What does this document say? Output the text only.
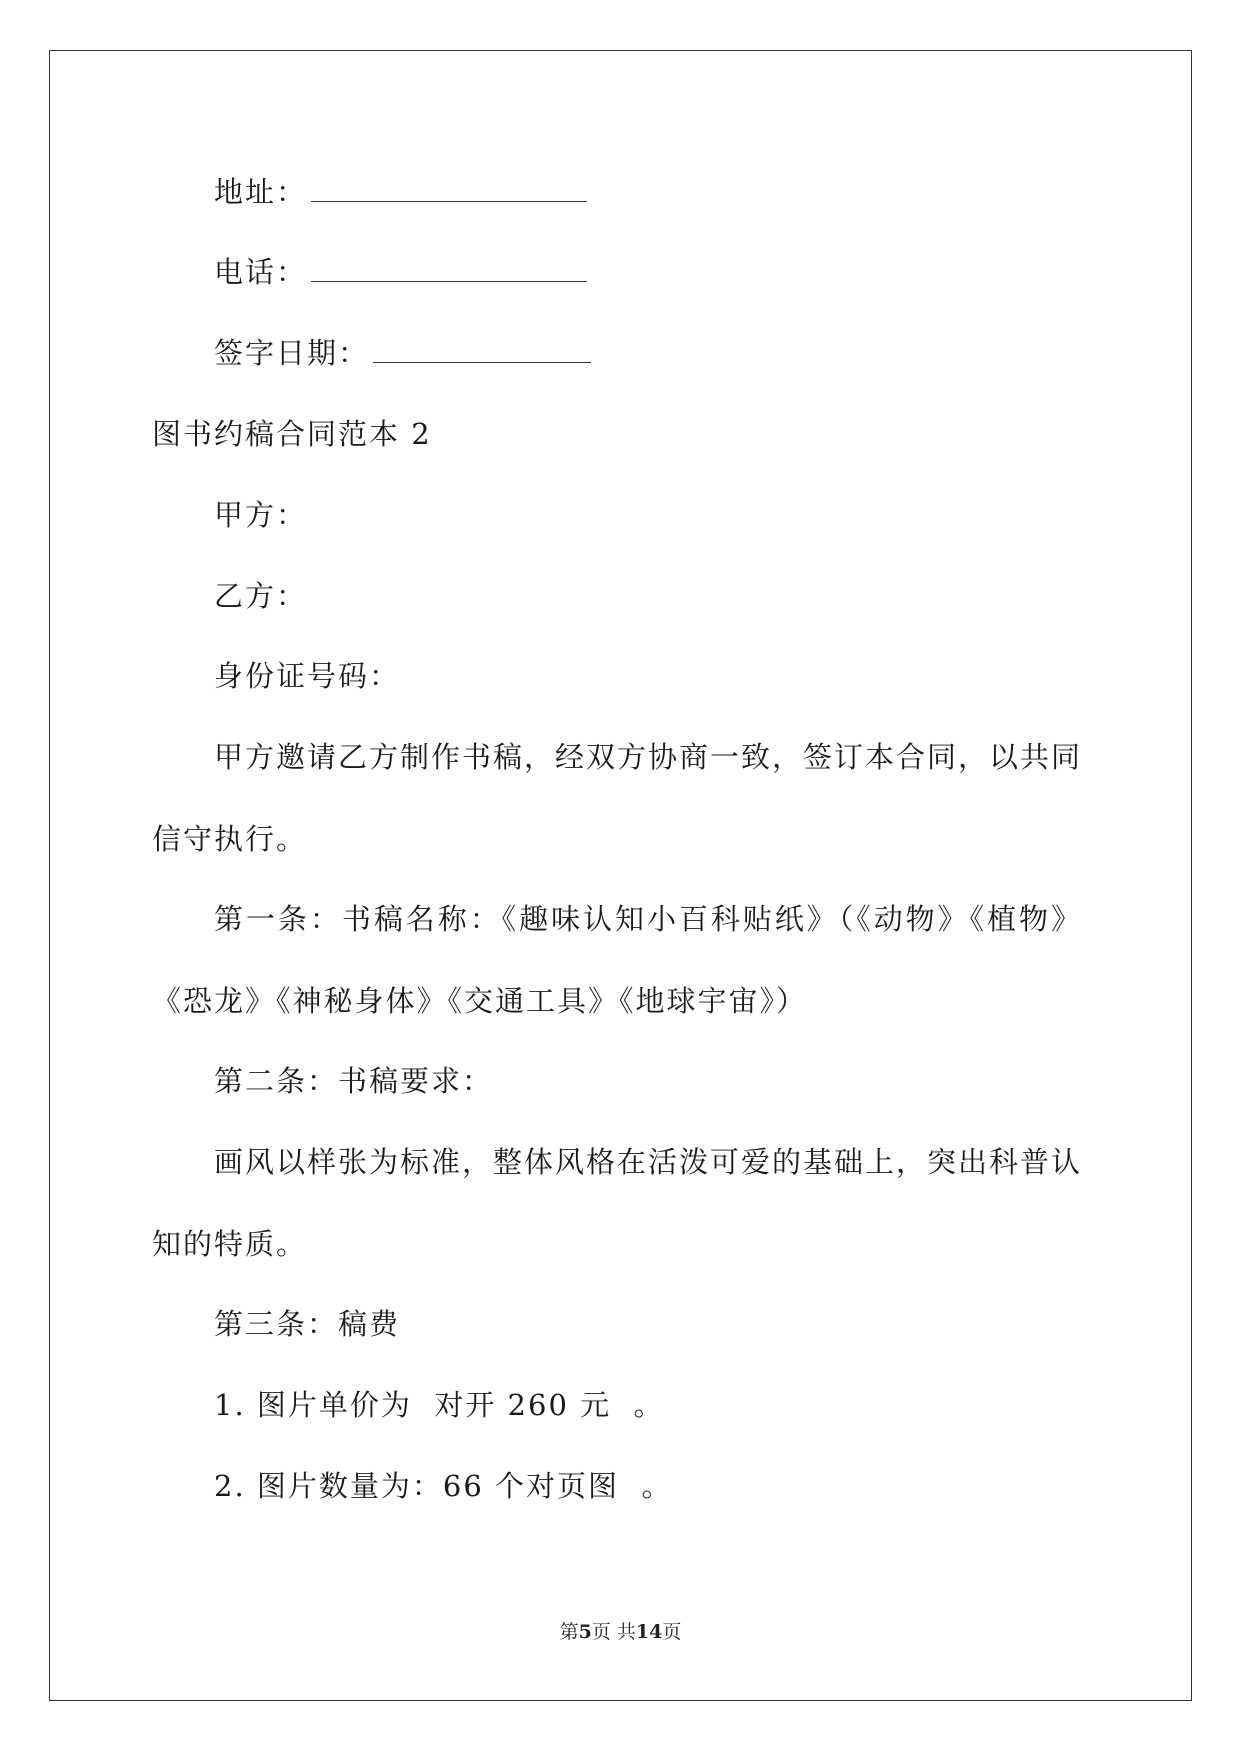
地址：
电话：
签字日期：
图书约稿合同范本 2
甲方：
乙方：
身份证号码：
甲方邀请乙方制作书稿，经双方协商一致，签订本合同，以共同信守执行。
第一条：书稿名称：《趣味认知小百科贴纸》（《动物》《植物》《恐龙》《神秘身体》《交通工具》《地球宇宙》）
第二条：书稿要求：
画风以样张为标准，整体风格在活泼可爱的基础上，突出科普认知的特质。
第三条：稿费
1. 图片单价为  对开 260 元  。
2. 图片数量为：66 个对页图  。
第5页 共14页
